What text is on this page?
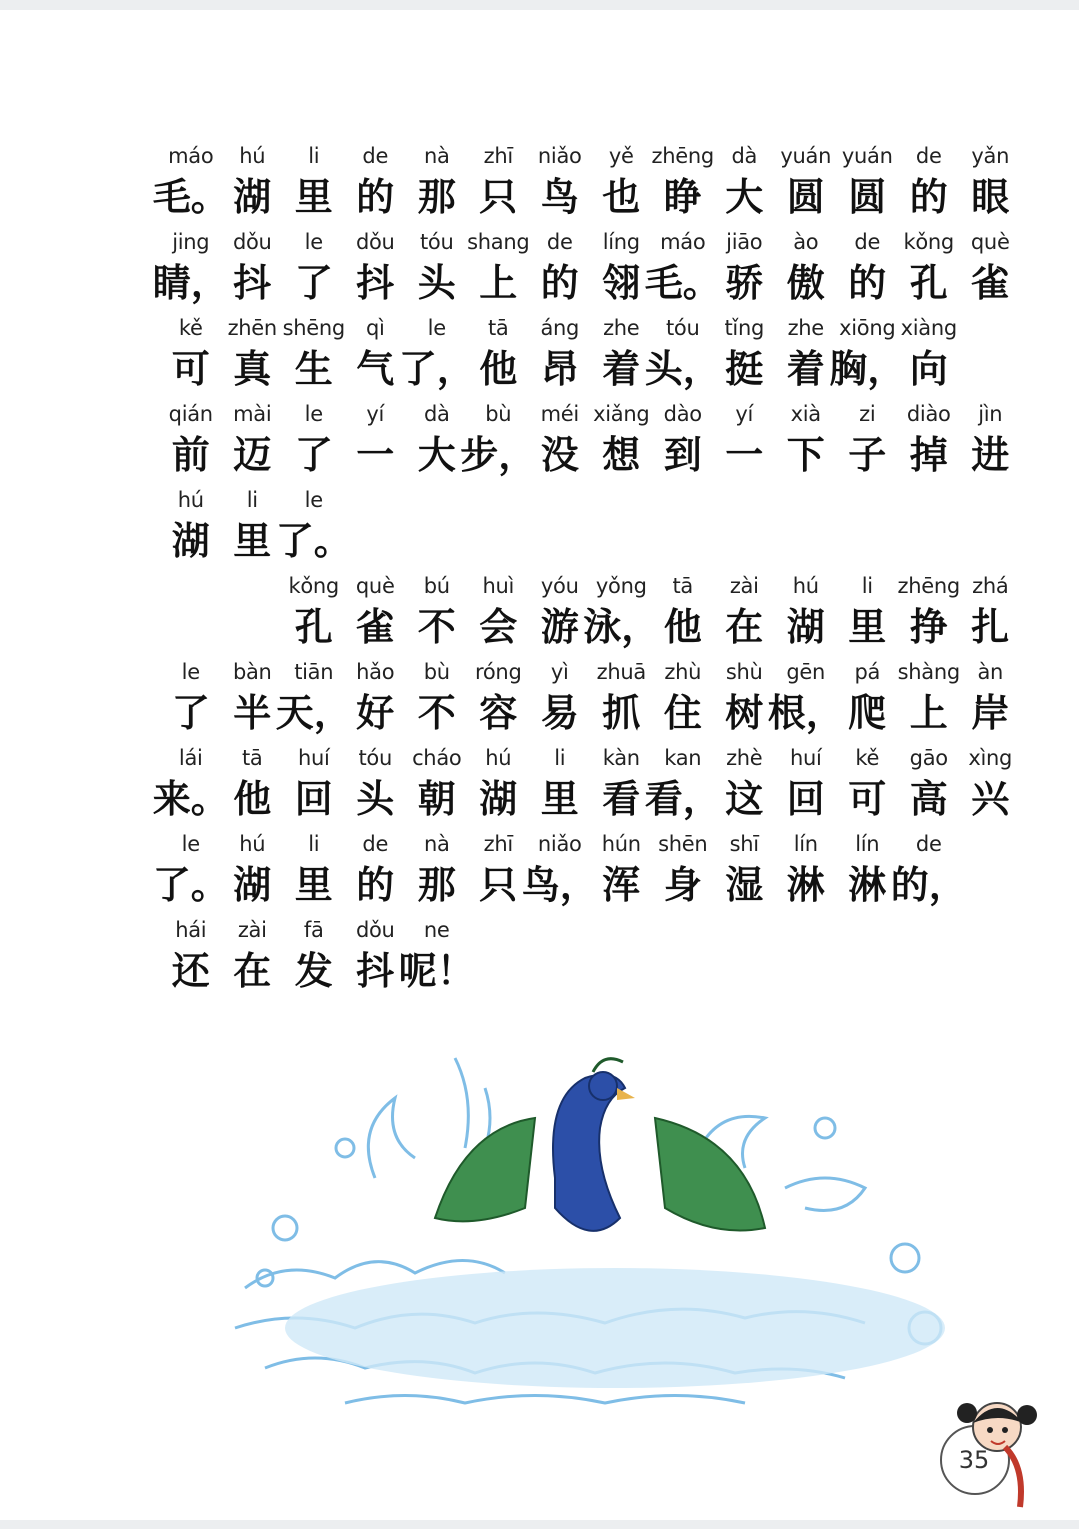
máo
毛。
hú
湖
li
里
de
的
nà
那
zhī
只
niǎo
鸟
yě
也
zhēng
睁
dà
大
yuán
圆
yuán
圆
de
的
yǎn
眼
jing
睛，
dǒu
抖
le
了
dǒu
抖
tóu
头
shang
上
de
的
líng
翎
máo
毛。
jiāo
骄
ào
傲
de
的
kǒng
孔
què
雀
kě
可
zhēn
真
shēng
生
qì
气
le
了，
tā
他
áng
昂
zhe
着
tóu
头，
tǐng
挺
zhe
着
xiōng
胸，
xiàng
向
qián
前
mài
迈
le
了
yí
一
dà
大
bù
步，
méi
没
xiǎng
想
dào
到
yí
一
xià
下
zi
子
diào
掉
jìn
进
hú
湖
li
里
le
了。
kǒng
孔
què
雀
bú
不
huì
会
yóu
游
yǒng
泳，
tā
他
zài
在
hú
湖
li
里
zhēng
挣
zhá
扎
le
了
bàn
半
tiān
天，
hǎo
好
bù
不
róng
容
yì
易
zhuā
抓
zhù
住
shù
树
gēn
根，
pá
爬
shàng
上
àn
岸
lái
来。
tā
他
huí
回
tóu
头
cháo
朝
hú
湖
li
里
kàn
看
kan
看，
zhè
这
huí
回
kě
可
gāo
高
xìng
兴
le
了。
hú
湖
li
里
de
的
nà
那
zhī
只
niǎo
鸟，
hún
浑
shēn
身
shī
湿
lín
淋
lín
淋
de
的，
hái
还
zài
在
fā
发
dǒu
抖
ne
呢！
35
